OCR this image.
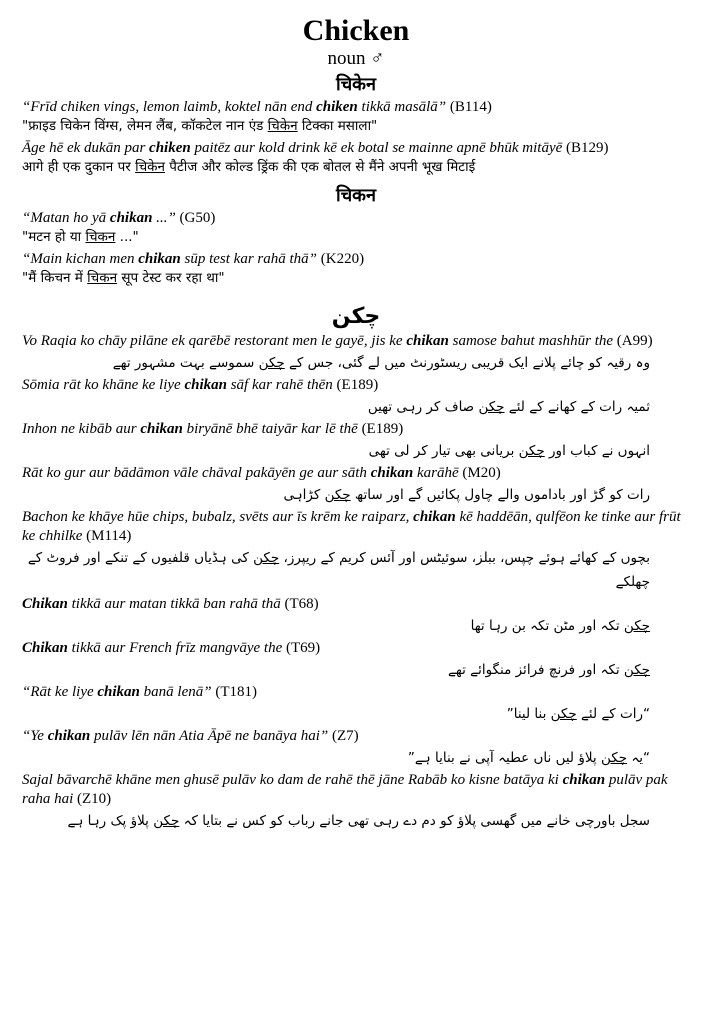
Chicken
noun ♂
चिकेन
“Frīd chiken vings, lemon laimb, koktel nān end chiken tikkā masālā” (B114)
"फ्राइड चिकेन विंग्स, लेमन लैंब, कॉकटेल नान एंड चिकेन टिक्का मसाला"
Āge hē ek dukān par chiken paitēz aur kold drink kē ek botal se mainne apnē bhūk mitāyē (B129)
आगे ही एक दुकान पर चिकेन पैटीज और कोल्ड ड्रिंक की एक बोतल से मैंने अपनी भूख मिटाई
चिकन
“Matan ho yā chikan ...” (G50)
"मटन हो या चिकन ..."
“Main kichan men chikan sūp test kar rahā thā” (K220)
"मैं किचन में चिकन सूप टेस्ट कर रहा था"
چکن
Vo Raqia ko chāy pilāne ek qarēbē restorant men le gayē, jis ke chikan samose bahut mashhūr the (A99)
وہ رقیہ کو چائے پلانے ایک قریبی ریسٹورنٹ میں لے گئی، جس کے چکن سموسے بہت مشہور تھے
Sōmia rāt ko khāne ke liye chikan sāf kar rahē thēn (E189)
ثمیہ رات کے کھانے کے لئے چکن صاف کر رہی تھیں
Inhon ne kibāb aur chikan biryānē bhē taiyār kar lē thē (E189)
انہوں نے کباب اور چکن بریانی بھی تیار کر لی تھی
Rāt ko gur aur bādāmon vāle chāval pakāyēn ge aur sāth chikan karāhē (M20)
رات کو گڑ اور باداموں والے چاول پکائیں گے اور ساتھ چکن کڑاہی
Bachon ke khāye hūe chips, bubalz, svēts aur īs krēm ke raiparz, chikan kē haddēān, qulfēon ke tinke aur frūt ke chhilke (M114)
بچوں کے کھائے ہوئے چپس، ببلز، سوئیٹس اور آئس کریم کے ریپرز، چکن کی ہڈیاں قلفیوں کے تنکے اور فروٹ کے چھلکے
Chikan tikkā aur matan tikkā ban rahā thā (T68)
چکن تکہ اور مٹن تکہ بن رہا تھا
Chikan tikkā aur French frīz mangvāye the (T69)
چکن تکہ اور فرنچ فرائز منگوائے تھے
“Rāt ke liye chikan banā lenā” (T181)
“رات کے لئے چکن بنا لینا”
“Ye chikan pulāv lēn nān Atia Āpē ne banāya hai” (Z7)
“یہ چکن پلاؤ لیں ناں عطیہ آپی نے بنایا ہے”
Sajal bāvarchē khāne men ghusē pulāv ko dam de rahē thē jāne Rabāb ko kisne batāya ki chikan pulāv pak raha hai (Z10)
سجل باورچی خانے میں گھسی پلاؤ کو دم دے رہی تھی جانے رباب کو کس نے بتایا کہ چکن پلاؤ پک رہا ہے
